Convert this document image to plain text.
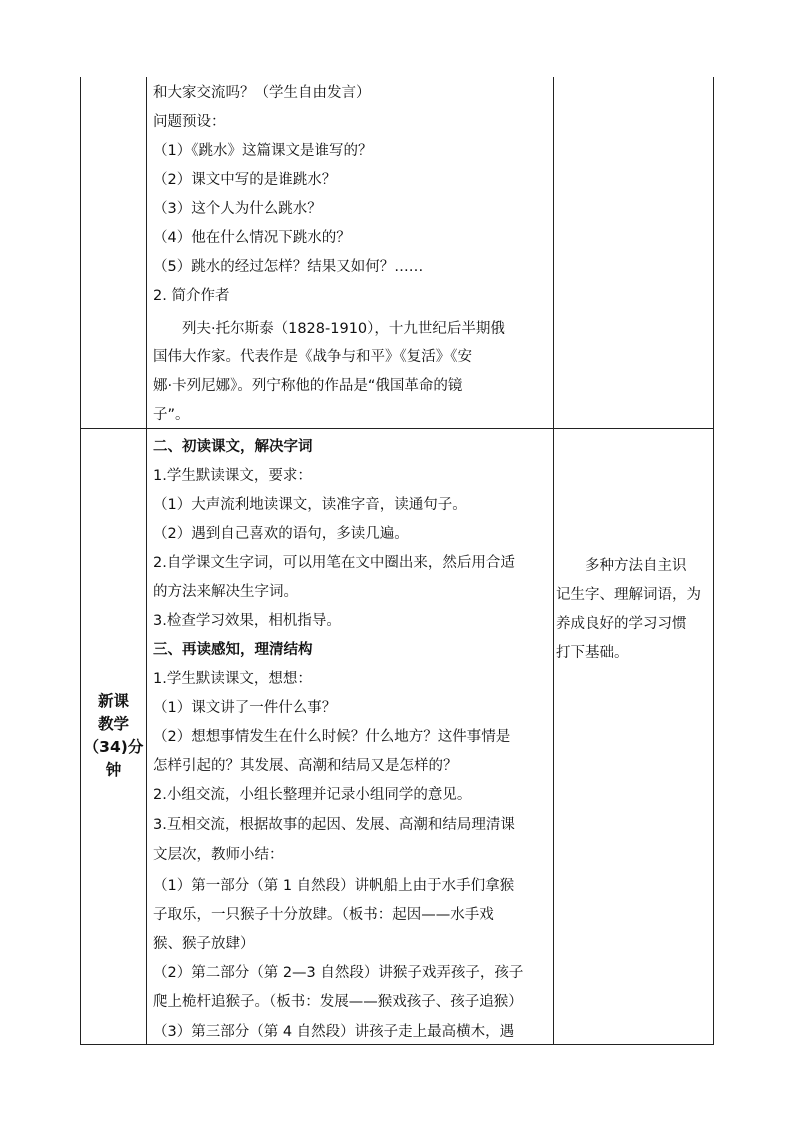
和大家交流吗？（学生自由发言）
问题预设：
（1）《跳水》这篇课文是谁写的？
（2）课文中写的是谁跳水？
（3）这个人为什么跳水？
（4）他在什么情况下跳水的？
（5）跳水的经过怎样？结果又如何？……
2. 简介作者
　　列夫·托尔斯泰（1828-1910），十九世纪后半期俄
国伟大作家。代表作是《战争与和平》《复活》《安
娜·卡列尼娜》。列宁称他的作品是“俄国革命的镜
子”。
新课
教学
（34)分
钟
二、初读课文，解决字词
1.学生默读课文，要求：
（1）大声流利地读课文，读准字音，读通句子。
（2）遇到自己喜欢的语句，多读几遍。
2.自学课文生字词，可以用笔在文中圈出来，然后用合适
的方法来解决生字词。
3.检查学习效果，相机指导。
三、再读感知，理清结构
1.学生默读课文，想想：
（1）课文讲了一件什么事？
（2）想想事情发生在什么时候？什么地方？这件事情是
怎样引起的？其发展、高潮和结局又是怎样的？
2.小组交流，小组长整理并记录小组同学的意见。
3.互相交流，根据故事的起因、发展、高潮和结局理清课
文层次，教师小结：
（1）第一部分（第 1 自然段）讲帆船上由于水手们拿猴
子取乐，一只猴子十分放肆。（板书：起因——水手戏
猴、猴子放肆）
（2）第二部分（第 2—3 自然段）讲猴子戏弄孩子，孩子
爬上桅杆追猴子。（板书：发展——猴戏孩子、孩子追猴）
（3）第三部分（第 4 自然段）讲孩子走上最高横木，遇
　　多种方法自主识
记生字、理解词语，为
养成良好的学习习惯
打下基础。
